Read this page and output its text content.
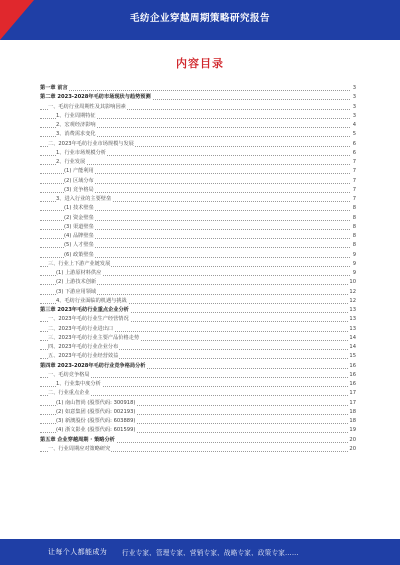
毛纺企业穿越周期策略研究报告
内容目录
第一章 前言	3
第二章 2023-2028年毛纺市场现状与趋势预测	3
一、毛纺行业周期性及其影响因素	3
1、行业周期特征	3
2、宏观经济影响	4
3、消费需求变化	5
二、2023年毛纺行业市场规模与发展	6
1、行业市场规模分析	6
2、行业发展	7
(1) 产能利用	7
(2) 区域分布	7
(3) 竞争格局	7
3、进入行业的主要壁垒	7
(1) 技术壁垒	8
(2) 资金壁垒	8
(3) 渠道壁垒	8
(4) 品牌壁垒	8
(5) 人才壁垒	8
(6) 政策壁垒	9
三、行业上下游产业链发展	9
(1) 上游原材料供应	9
(2) 上游技术创新	10
(3) 下游应用领域	12
4、毛纺行业面临的机遇与挑战	12
第三章 2023年毛纺行业重点企业分析	13
一、2023年毛纺行业生产经营情况	13
二、2023年毛纺行业进出口	13
三、2023年毛纺行业主要产品价格走势	14
四、2023年毛纺行业企业分布	14
五、2023年毛纺行业经营效益	15
第四章 2023-2028年毛纺行业竞争格局分析	16
一、毛纺竞争格局	16
1、行业集中度分析	16
二、行业重点企业	17
(1) 南山智尚 (股票代码: 300918)	17
(2) 如意集团 (股票代码: 002193)	18
(3) 新澳股份 (股票代码: 603889)	18
(4) 浙文影业 (股票代码: 601599)	19
第五章 企业穿越周期 · 策略分析	20
一、行业周期应对策略研究	20
让每个人都能成为 行业专家、管理专家、营销专家、战略专家、政策专家……
